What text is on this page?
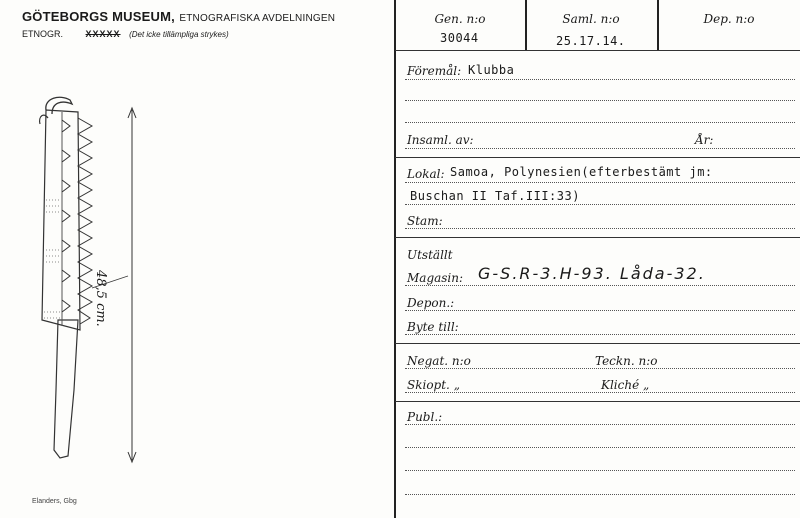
GÖTEBORGS MUSEUM, ETNOGRAFISKA AVDELNINGEN
ETNOGR.	XXXXX (Det icke tillämpliga strykes)
48,5 cm.
Elanders, Gbg
Gen. n:o
30044
Saml. n:o
25.17.14.
Dep. n:o
Föremål: Klubba
Insaml. av:	År:
Lokal: Samoa, Polynesien(efterbestämt jm:
Buschan II Taf.III:33)
Stam:
Utställt
Magasin: G-S.R-3.H-93. Låda-32.
Depon.:
Byte till:
Negat. n:o	Teckn. n:o
Skiopt. „	Kliché „
Publ.:
